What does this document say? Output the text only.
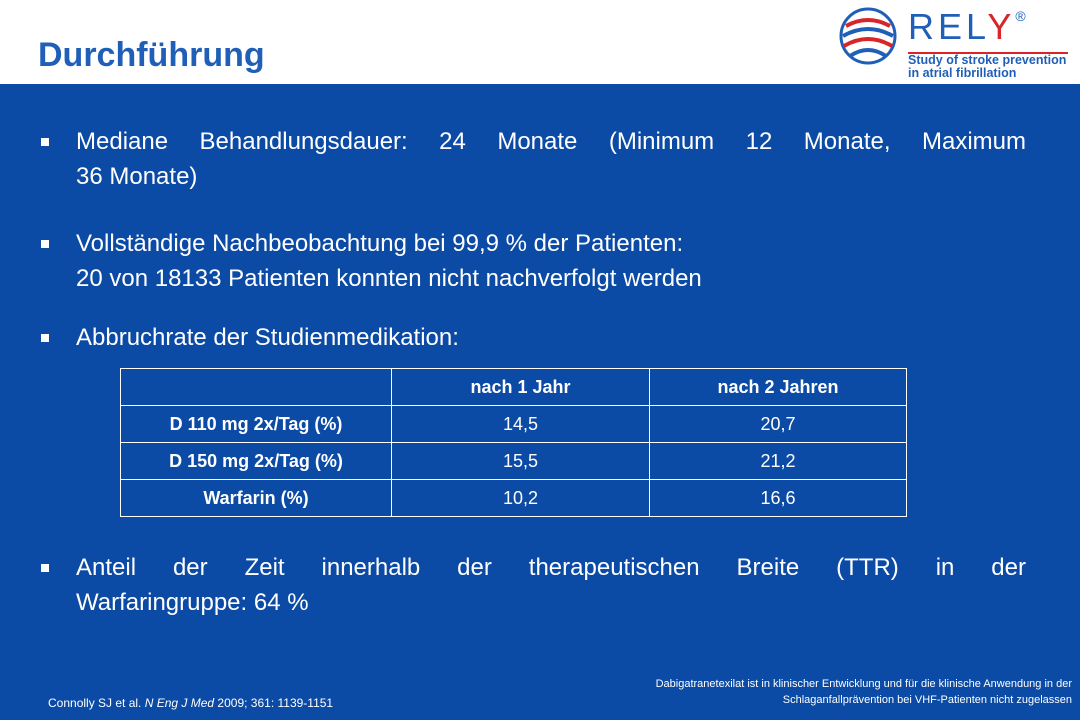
Durchführung
RELY®
Study of stroke prevention
in atrial fibrillation
Mediane Behandlungsdauer: 24 Monate (Minimum 12 Monate, Maximum
36 Monate)
Vollständige Nachbeobachtung bei 99,9 % der Patienten:
20 von 18133 Patienten konnten nicht nachverfolgt werden
Abbruchrate der Studienmedikation:
	nach 1 Jahr	nach 2 Jahren
D 110 mg 2x/Tag (%)	14,5	20,7
D 150 mg 2x/Tag (%)	15,5	21,2
Warfarin (%)	10,2	16,6
Anteil der Zeit innerhalb der therapeutischen Breite (TTR) in der
Warfaringruppe: 64 %
Connolly SJ et al. N Eng J Med 2009; 361: 1139-1151
Dabigatranetexilat ist in klinischer Entwicklung und für die klinische Anwendung in der
Schlaganfallprävention bei VHF-Patienten nicht zugelassen
